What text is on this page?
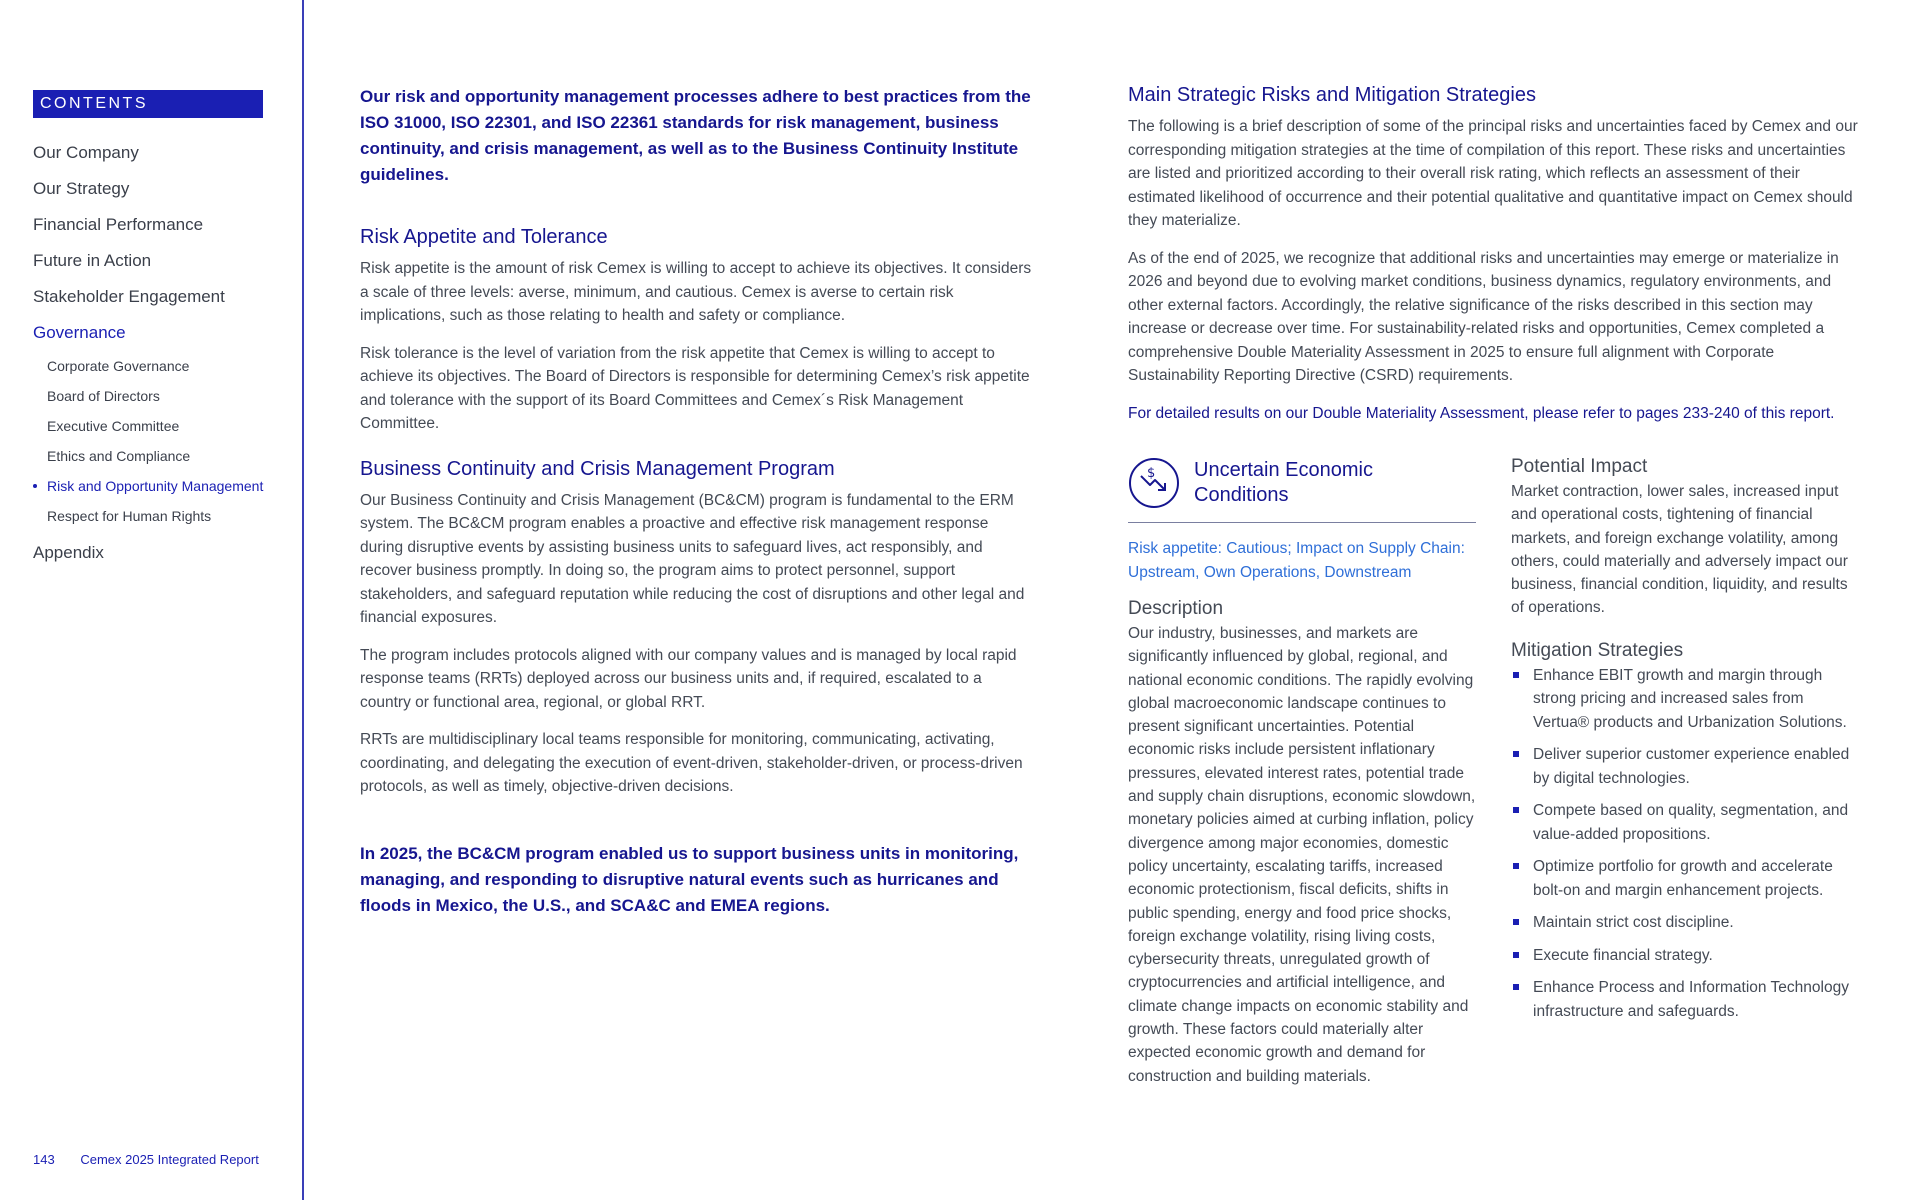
CONTENTS
Our Company
Our Strategy
Financial Performance
Future in Action
Stakeholder Engagement
Governance
Corporate Governance
Board of Directors
Executive Committee
Ethics and Compliance
Risk and Opportunity Management
Respect for Human Rights
Appendix
143 Cemex 2025 Integrated Report

Our risk and opportunity management processes adhere to best practices from the ISO 31000, ISO 22301, and ISO 22361 standards for risk management, business continuity, and crisis management, as well as to the Business Continuity Institute guidelines.

Risk Appetite and Tolerance

Risk appetite is the amount of risk Cemex is willing to accept to achieve its objectives. It considers a scale of three levels: averse, minimum, and cautious. Cemex is averse to certain risk implications, such as those relating to health and safety or compliance.

Risk tolerance is the level of variation from the risk appetite that Cemex is willing to accept to achieve its objectives. The Board of Directors is responsible for determining Cemex’s risk appetite and tolerance with the support of its Board Committees and Cemex´s Risk Management Committee.

Business Continuity and Crisis Management Program

Our Business Continuity and Crisis Management (BC&CM) program is fundamental to the ERM system. The BC&CM program enables a proactive and effective risk management response during disruptive events by assisting business units to safeguard lives, act responsibly, and recover business promptly. In doing so, the program aims to protect personnel, support stakeholders, and safeguard reputation while reducing the cost of disruptions and other legal and financial exposures.

The program includes protocols aligned with our company values and is managed by local rapid response teams (RRTs) deployed across our business units and, if required, escalated to a country or functional area, regional, or global RRT.

RRTs are multidisciplinary local teams responsible for monitoring, communicating, activating, coordinating, and delegating the execution of event-driven, stakeholder-driven, or process-driven protocols, as well as timely, objective-driven decisions.

In 2025, the BC&CM program enabled us to support business units in monitoring, managing, and responding to disruptive natural events such as hurricanes and floods in Mexico, the U.S., and SCA&C and EMEA regions.

Main Strategic Risks and Mitigation Strategies

The following is a brief description of some of the principal risks and uncertainties faced by Cemex and our corresponding mitigation strategies at the time of compilation of this report. These risks and uncertainties are listed and prioritized according to their overall risk rating, which reflects an assessment of their estimated likelihood of occurrence and their potential qualitative and quantitative impact on Cemex should they materialize.

As of the end of 2025, we recognize that additional risks and uncertainties may emerge or materialize in 2026 and beyond due to evolving market conditions, business dynamics, regulatory environments, and other external factors. Accordingly, the relative significance of the risks described in this section may increase or decrease over time. For sustainability-related risks and opportunities, Cemex completed a comprehensive Double Materiality Assessment in 2025 to ensure full alignment with Corporate Sustainability Reporting Directive (CSRD) requirements.

For detailed results on our Double Materiality Assessment, please refer to pages 233-240 of this report.

$ Uncertain Economic
Conditions
Risk appetite: Cautious; Impact on Supply Chain: Upstream, Own Operations, Downstream
Description

Our industry, businesses, and markets are significantly influenced by global, regional, and national economic conditions. The rapidly evolving global macroeconomic landscape continues to present significant uncertainties. Potential economic risks include persistent inflationary pressures, elevated interest rates, potential trade and supply chain disruptions, economic slowdown, monetary policies aimed at curbing inflation, policy divergence among major economies, domestic policy uncertainty, escalating tariffs, increased economic protectionism, fiscal deficits, shifts in public spending, energy and food price shocks, foreign exchange volatility, rising living costs, cybersecurity threats, unregulated growth of cryptocurrencies and artificial intelligence, and climate change impacts on economic stability and growth. These factors could materially alter expected economic growth and demand for construction and building materials.

Potential Impact

Market contraction, lower sales, increased input and operational costs, tightening of financial markets, and foreign exchange volatility, among others, could materially and adversely impact our business, financial condition, liquidity, and results of operations.

Mitigation Strategies
Enhance EBIT growth and margin through strong pricing and increased sales from Vertua® products and Urbanization Solutions.
Deliver superior customer experience enabled by digital technologies.
Compete based on quality, segmentation, and value-added propositions.
Optimize portfolio for growth and accelerate bolt-on and margin enhancement projects.
Maintain strict cost discipline.
Execute financial strategy.
Enhance Process and Information Technology infrastructure and safeguards.
